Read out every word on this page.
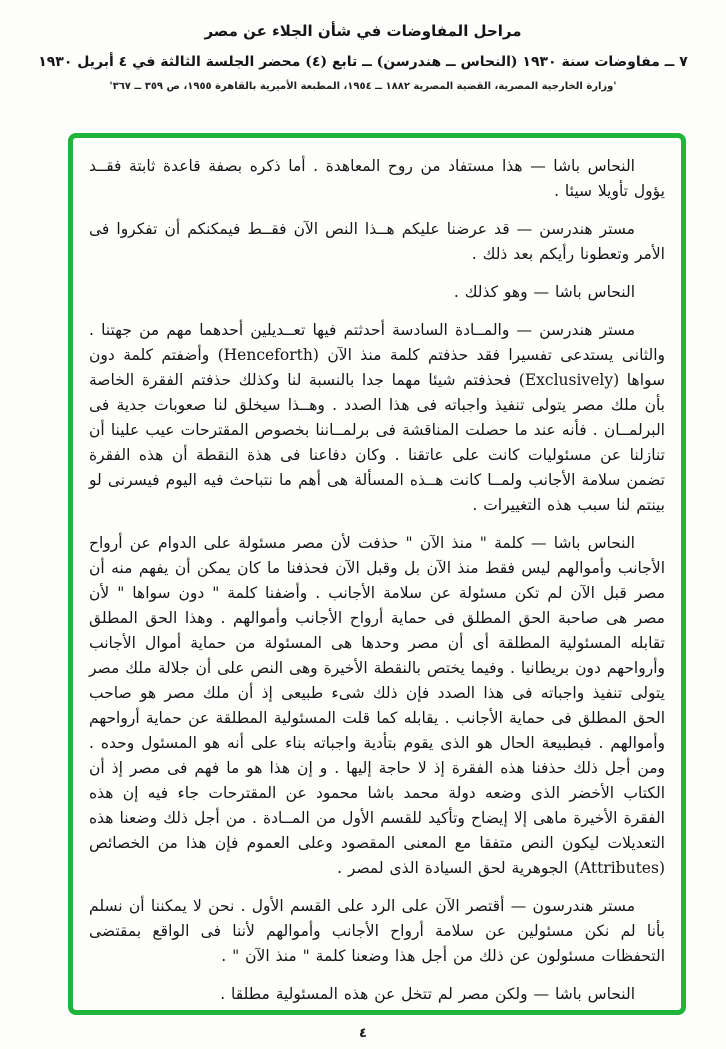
مراحل المفاوضات في شأن الجلاء عن مصر
٧ ــ مفاوضات سنة ١٩٣٠ (النحاس ــ هندرسن) ــ تابع (٤) محضر الجلسة الثالثة في ٤ أبريل ١٩٣٠
'وزارة الخارجية المصرية، القضية المصرية ١٨٨٢ ــ ١٩٥٤، المطبعة الأميرية بالقاهرة ١٩٥٥، ص ٣٥٩ ــ ٣٦٧'

النحاس باشا — هذا مستفاد من روح المعاهدة . أما ذكره بصفة قاعدة ثابتة فقــد يؤول تأويلا سيئا .

مستر هندرسن — قد عرضنا عليكم هــذا النص الآن فقــط فيمكنكم أن تفكروا فى الأمر وتعطونا رأيكم بعد ذلك .

النحاس باشا — وهو كذلك .

مستر هندرسن — والمــادة السادسة أحدثتم فيها تعــديلين أحدهما مهم من جهتنا . والثانى يستدعى تفسيرا فقد حذفتم كلمة منذ الآن (Henceforth) وأضفتم كلمة دون سواها (Exclusively) فحذفتم شيئا مهما جدا بالنسبة لنا وكذلك حذفتم الفقرة الخاصة بأن ملك مصر يتولى تنفيذ واجباته فى هذا الصدد . وهــذا سيخلق لنا صعوبات جدية فى البرلمــان . فأنه عند ما حصلت المناقشة فى برلمــاننا بخصوص المقترحات عيب علينا أن تنازلنا عن مسئوليات كانت على عاتقنا . وكان دفاعنا فى هذة النقطة أن هذه الفقرة تضمن سلامة الأجانب ولمــا كانت هــذه المسألة هى أهم ما نتباحث فيه اليوم فيسرنى لو بينتم لنا سبب هذه التغييرات .

النحاس باشا — كلمة " منذ الآن " حذفت لأن مصر مسئولة على الدوام عن أرواح الأجانب وأموالهم ليس فقط منذ الآن بل وقبل الآن فحذفنا ما كان يمكن أن يفهم منه أن مصر قبل الآن لم تكن مسئولة عن سلامة الأجانب . وأضفنا كلمة " دون سواها " لأن مصر هى صاحبة الحق المطلق فى حماية أرواح الأجانب وأموالهم . وهذا الحق المطلق تقابله المسئولية المطلقة أى أن مصر وحدها هى المسئولة من حماية أموال الأجانب وأرواحهم دون بريطانيا . وفيما يختص بالنقطة الأخيرة وهى النص على أن جلالة ملك مصر يتولى تنفيذ واجباته فى هذا الصدد فإن ذلك شىء طبيعى إذ أن ملك مصر هو صاحب الحق المطلق فى حماية الأجانب . يقابله كما قلت المسئولية المطلقة عن حماية أرواحهم وأموالهم . فبطبيعة الحال هو الذى يقوم بتأدية واجباته بناء على أنه هو المسئول وحده . ومن أجل ذلك حذفنا هذه الفقرة إذ لا حاجة إليها . و إن هذا هو ما فهم فى مصر إذ أن الكتاب الأخضر الذى وضعه دولة محمد باشا محمود عن المقترحات جاء فيه إن هذه الفقرة الأخيرة ماهى إلا إيضاح وتأكيد للقسم الأول من المــادة . من أجل ذلك وضعنا هذه التعديلات ليكون النص متفقا مع المعنى المقصود وعلى العموم فإن هذا من الخصائص (Attributes) الجوهرية لحق السيادة الذى لمصر .

مستر هندرسون — أقتصر الآن على الرد على القسم الأول . نحن لا يمكننا أن نسلم بأنا لم نكن مسئولين عن سلامة أرواح الأجانب وأموالهم لأننا فى الواقع بمقتضى التحفظات مسئولون عن ذلك من أجل هذا وضعنا كلمة " منذ الآن " .

النحاس باشا — ولكن مصر لم تتخل عن هذه المسئولية مطلقا .

٤
